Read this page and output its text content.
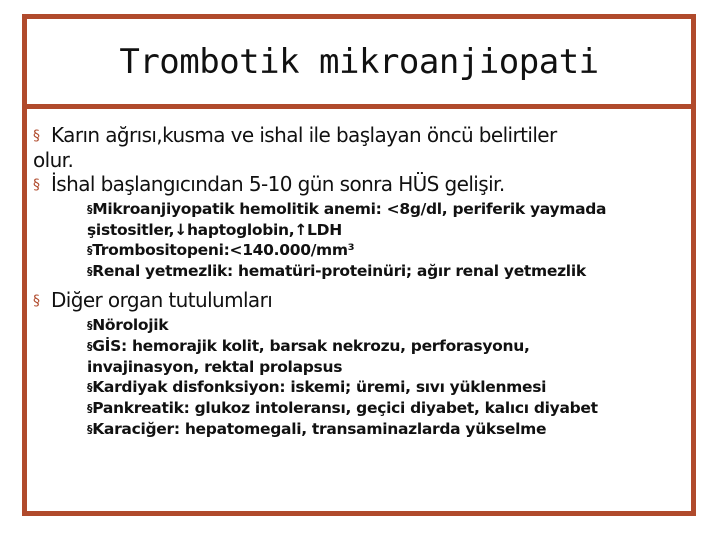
Trombotik mikroanjiopati

§ Karın ağrısı,kusma ve ishal ile başlayan öncü belirtiler
olur.

§ İshal başlangıcından 5-10 gün sonra HÜS gelişir.

§Mikroanjiyopatik hemolitik anemi: <8g/dl, periferik yaymada
şistositler,↓haptoglobin,↑LDH

§Trombositopeni:<140.000/mm³

§Renal yetmezlik: hematüri-proteinüri; ağır renal yetmezlik

§ Diğer organ tutulumları

§Nörolojik

§GİS: hemorajik kolit, barsak nekrozu, perforasyonu,
invajinasyon, rektal prolapsus

§Kardiyak disfonksiyon: iskemi; üremi, sıvı yüklenmesi

§Pankreatik: glukoz intoleransı, geçici diyabet, kalıcı diyabet

§Karaciğer: hepatomegali, transaminazlarda yükselme
